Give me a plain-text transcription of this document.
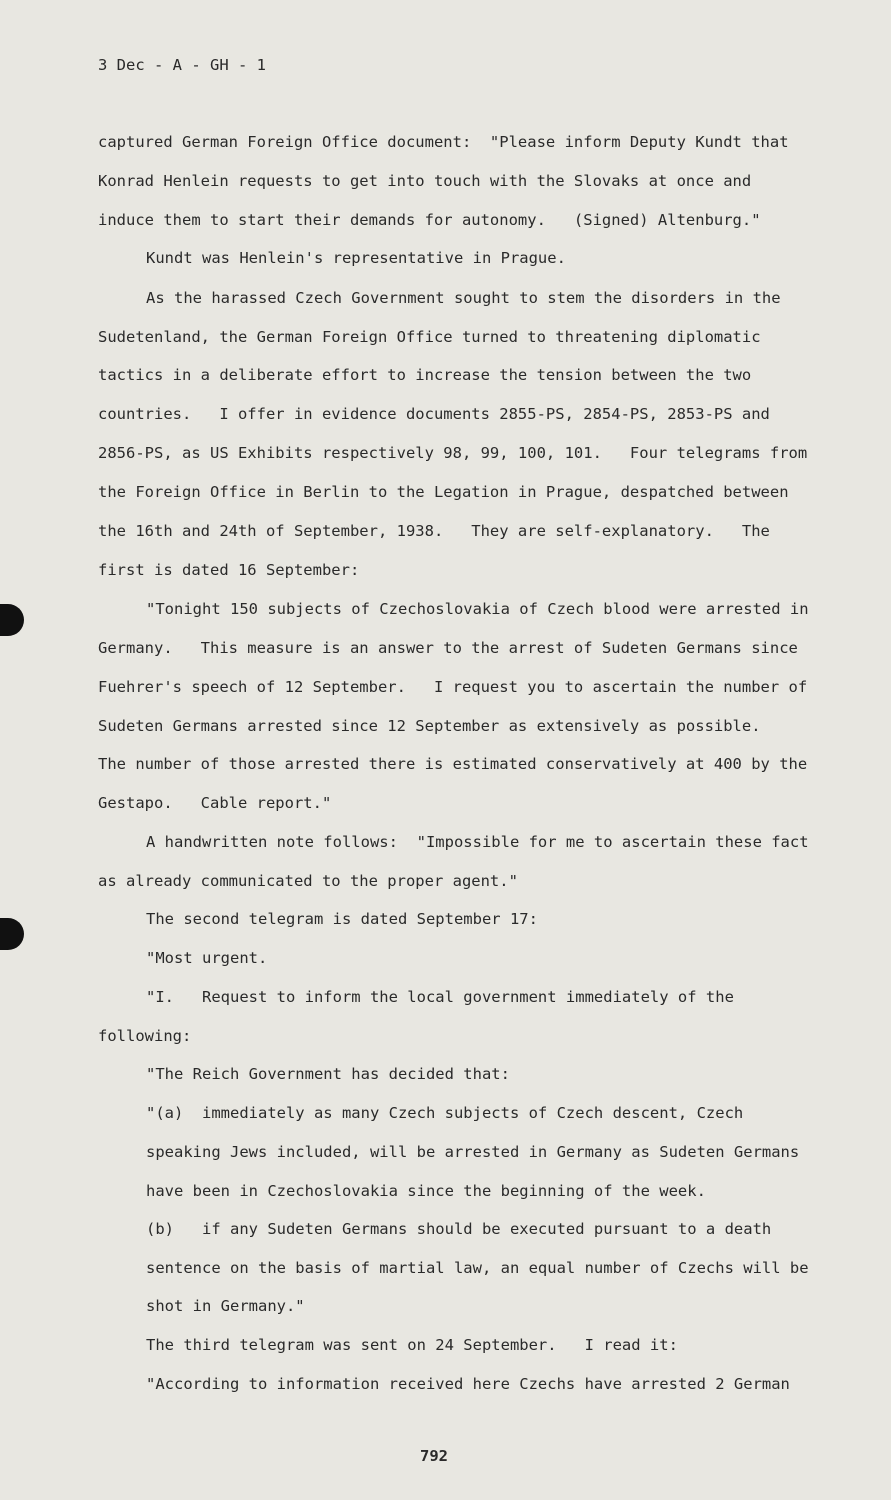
3 Dec - A - GH - 1
captured German Foreign Office document:  "Please inform Deputy Kundt that
Konrad Henlein requests to get into touch with the Slovaks at once and
induce them to start their demands for autonomy.   (Signed) Altenburg."
Kundt was Henlein's representative in Prague.
As the harassed Czech Government sought to stem the disorders in the
Sudetenland, the German Foreign Office turned to threatening diplomatic
tactics in a deliberate effort to increase the tension between the two
countries.   I offer in evidence documents 2855-PS, 2854-PS, 2853-PS and
2856-PS, as US Exhibits respectively 98, 99, 100, 101.   Four telegrams from
the Foreign Office in Berlin to the Legation in Prague, despatched between
the 16th and 24th of September, 1938.   They are self-explanatory.   The
first is dated 16 September:
"Tonight 150 subjects of Czechoslovakia of Czech blood were arrested in
Germany.   This measure is an answer to the arrest of Sudeten Germans since
Fuehrer's speech of 12 September.   I request you to ascertain the number of
Sudeten Germans arrested since 12 September as extensively as possible.
The number of those arrested there is estimated conservatively at 400 by the
Gestapo.   Cable report."
A handwritten note follows:  "Impossible for me to ascertain these fact
as already communicated to the proper agent."
The second telegram is dated September 17:
"Most urgent.
"I.   Request to inform the local government immediately of the
following:
"The Reich Government has decided that:
"(a)  immediately as many Czech subjects of Czech descent, Czech
speaking Jews included, will be arrested in Germany as Sudeten Germans
have been in Czechoslovakia since the beginning of the week.
(b)   if any Sudeten Germans should be executed pursuant to a death
sentence on the basis of martial law, an equal number of Czechs will be
shot in Germany."
The third telegram was sent on 24 September.   I read it:
"According to information received here Czechs have arrested 2 German
792
